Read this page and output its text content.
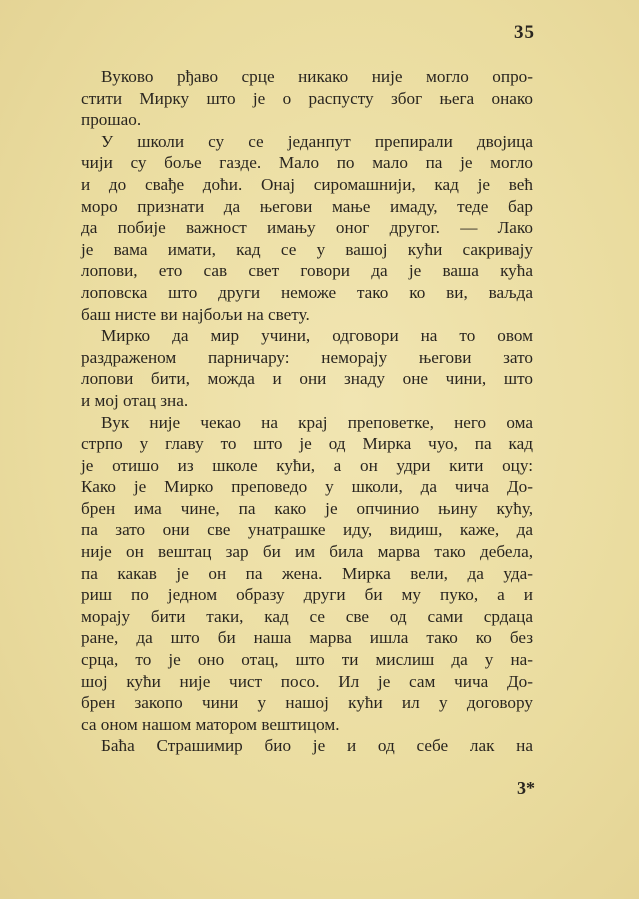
35
Вуково рђаво срце никако није могло опро-
стити Мирку што је о распусту због њега онако
прошао.
У школи су се једанпут препирали двојица
чији су боље газде. Мало по мало па је могло
и до свађе доћи. Онај сиромашнији, кад је већ
моро признати да његови мање имаду, теде бар
да побије важност имању оног другог. — Лако
је вама имати, кад се у вашој кући сакривају
лопови, ето сав свет говори да је ваша кућа
лоповска што други неможе тако ко ви, ваљда
баш нисте ви најбољи на свету.
Мирко да мир учини, одговори на то овом
раздраженом парничару: неморају његови зато
лопови бити, можда и они знаду оне чини, што
и мој отац зна.
Вук није чекао на крај преповетке, него ома
стрпо у главу то што је од Мирка чуо, па кад
је отишо из школе кући, а он удри кити оцу:
Како је Мирко преповедо у школи, да чича До-
брен има чине, па како је опчинио њину кућу,
па зато они све унатрашке иду, видиш, каже, да
није он вештац зар би им била марва тако дебела,
па какав је он па жена. Мирка вели, да уда-
риш по једном образу други би му пуко, а и
морају бити таки, кад се све од сами срдаца
ране, да што би наша марва ишла тако ко без
срца, то је оно отац, што ти мислиш да у на-
шој кући није чист посо. Ил је сам чича До-
брен закопо чини у нашој кући ил у договору
са оном нашом матором вештицом.
Баћа Страшимир био је и од себе лак на
3*
